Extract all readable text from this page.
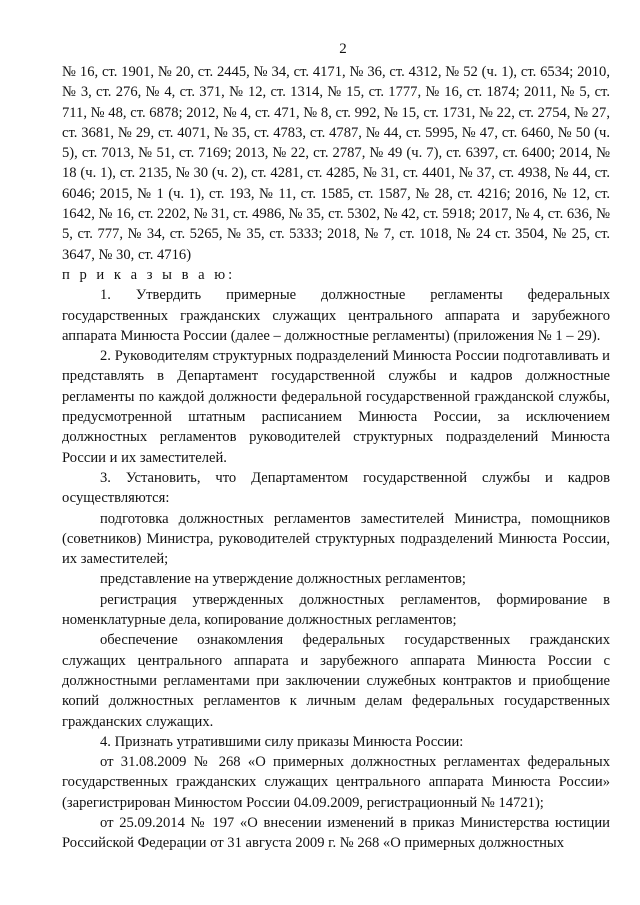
2

№ 16, ст. 1901, № 20, ст. 2445, № 34, ст. 4171, № 36, ст. 4312, № 52 (ч. 1), ст. 6534; 2010, № 3, ст. 276, № 4, ст. 371, № 12, ст. 1314, № 15, ст. 1777, № 16, ст. 1874; 2011, № 5, ст. 711, № 48, ст. 6878; 2012, № 4, ст. 471, № 8, ст. 992, № 15, ст. 1731, № 22, ст. 2754, № 27, ст. 3681, № 29, ст. 4071, № 35, ст. 4783, ст. 4787, № 44, ст. 5995, № 47, ст. 6460, № 50 (ч. 5), ст. 7013, № 51, ст. 7169; 2013, № 22, ст. 2787, № 49 (ч. 7), ст. 6397, ст. 6400; 2014, № 18 (ч. 1), ст. 2135, № 30 (ч. 2), ст. 4281, ст. 4285, № 31, ст. 4401, № 37, ст. 4938, № 44, ст. 6046; 2015, № 1 (ч. 1), ст. 193, № 11, ст. 1585, ст. 1587, № 28, ст. 4216; 2016, № 12, ст. 1642, № 16, ст. 2202, № 31, ст. 4986, № 35, ст. 5302, № 42, ст. 5918; 2017, № 4, ст. 636, № 5, ст. 777, № 34, ст. 5265, № 35, ст. 5333; 2018, № 7, ст. 1018, № 24 ст. 3504, № 25, ст. 3647, № 30, ст. 4716)

п р и к а з ы в а ю:

1. Утвердить примерные должностные регламенты федеральных государственных гражданских служащих центрального аппарата и зарубежного аппарата Минюста России (далее – должностные регламенты) (приложения № 1 – 29).

2. Руководителям структурных подразделений Минюста России подготавливать и представлять в Департамент государственной службы и кадров должностные регламенты по каждой должности федеральной государственной гражданской службы, предусмотренной штатным расписанием Минюста России, за исключением должностных регламентов руководителей структурных подразделений Минюста России и их заместителей.

3. Установить, что Департаментом государственной службы и кадров осуществляются:

подготовка должностных регламентов заместителей Министра, помощников (советников) Министра, руководителей структурных подразделений Минюста России, их заместителей;

представление на утверждение должностных регламентов;

регистрация утвержденных должностных регламентов, формирование в номенклатурные дела, копирование должностных регламентов;

обеспечение ознакомления федеральных государственных гражданских служащих центрального аппарата и зарубежного аппарата Минюста России с должностными регламентами при заключении служебных контрактов и приобщение копий должностных регламентов к личным делам федеральных государственных гражданских служащих.

4. Признать утратившими силу приказы Минюста России:

от 31.08.2009 № 268 «О примерных должностных регламентах федеральных государственных гражданских служащих центрального аппарата Минюста России» (зарегистрирован Минюстом России 04.09.2009, регистрационный № 14721);

от 25.09.2014 № 197 «О внесении изменений в приказ Министерства юстиции Российской Федерации от 31 августа 2009 г. № 268 «О примерных должностных
